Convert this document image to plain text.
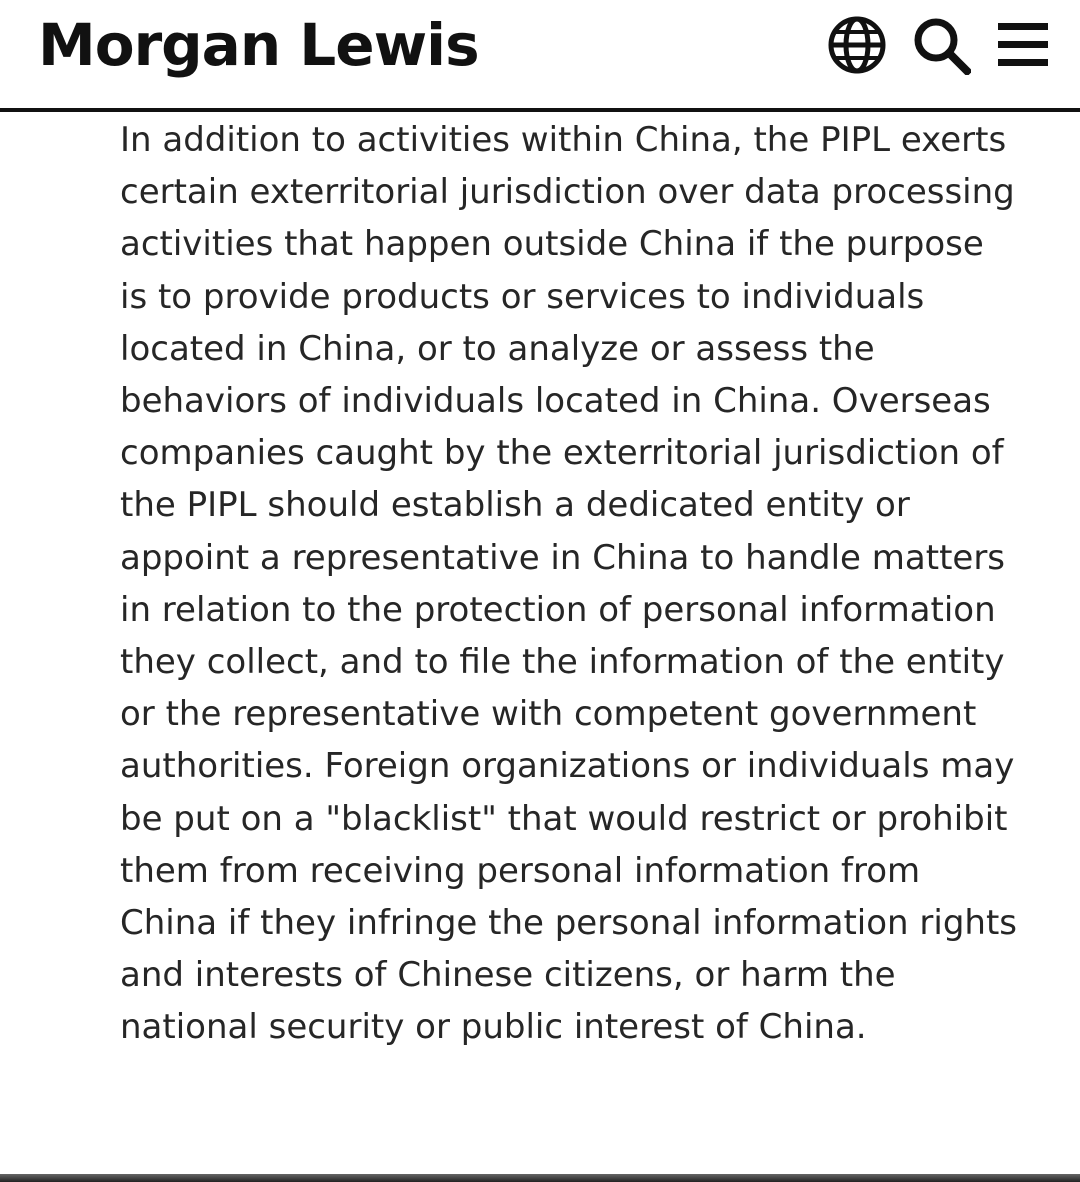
Morgan Lewis

In addition to activities within China, the PIPL exerts certain exterritorial jurisdiction over data processing activities that happen outside China if the purpose is to provide products or services to individuals located in China, or to analyze or assess the behaviors of individuals located in China. Overseas companies caught by the exterritorial jurisdiction of the PIPL should establish a dedicated entity or appoint a representative in China to handle matters in relation to the protection of personal information they collect, and to file the information of the entity or the representative with competent government authorities. Foreign organizations or individuals may be put on a "blacklist" that would restrict or prohibit them from receiving personal information from China if they infringe the personal information rights and interests of Chinese citizens, or harm the national security or public interest of China.
